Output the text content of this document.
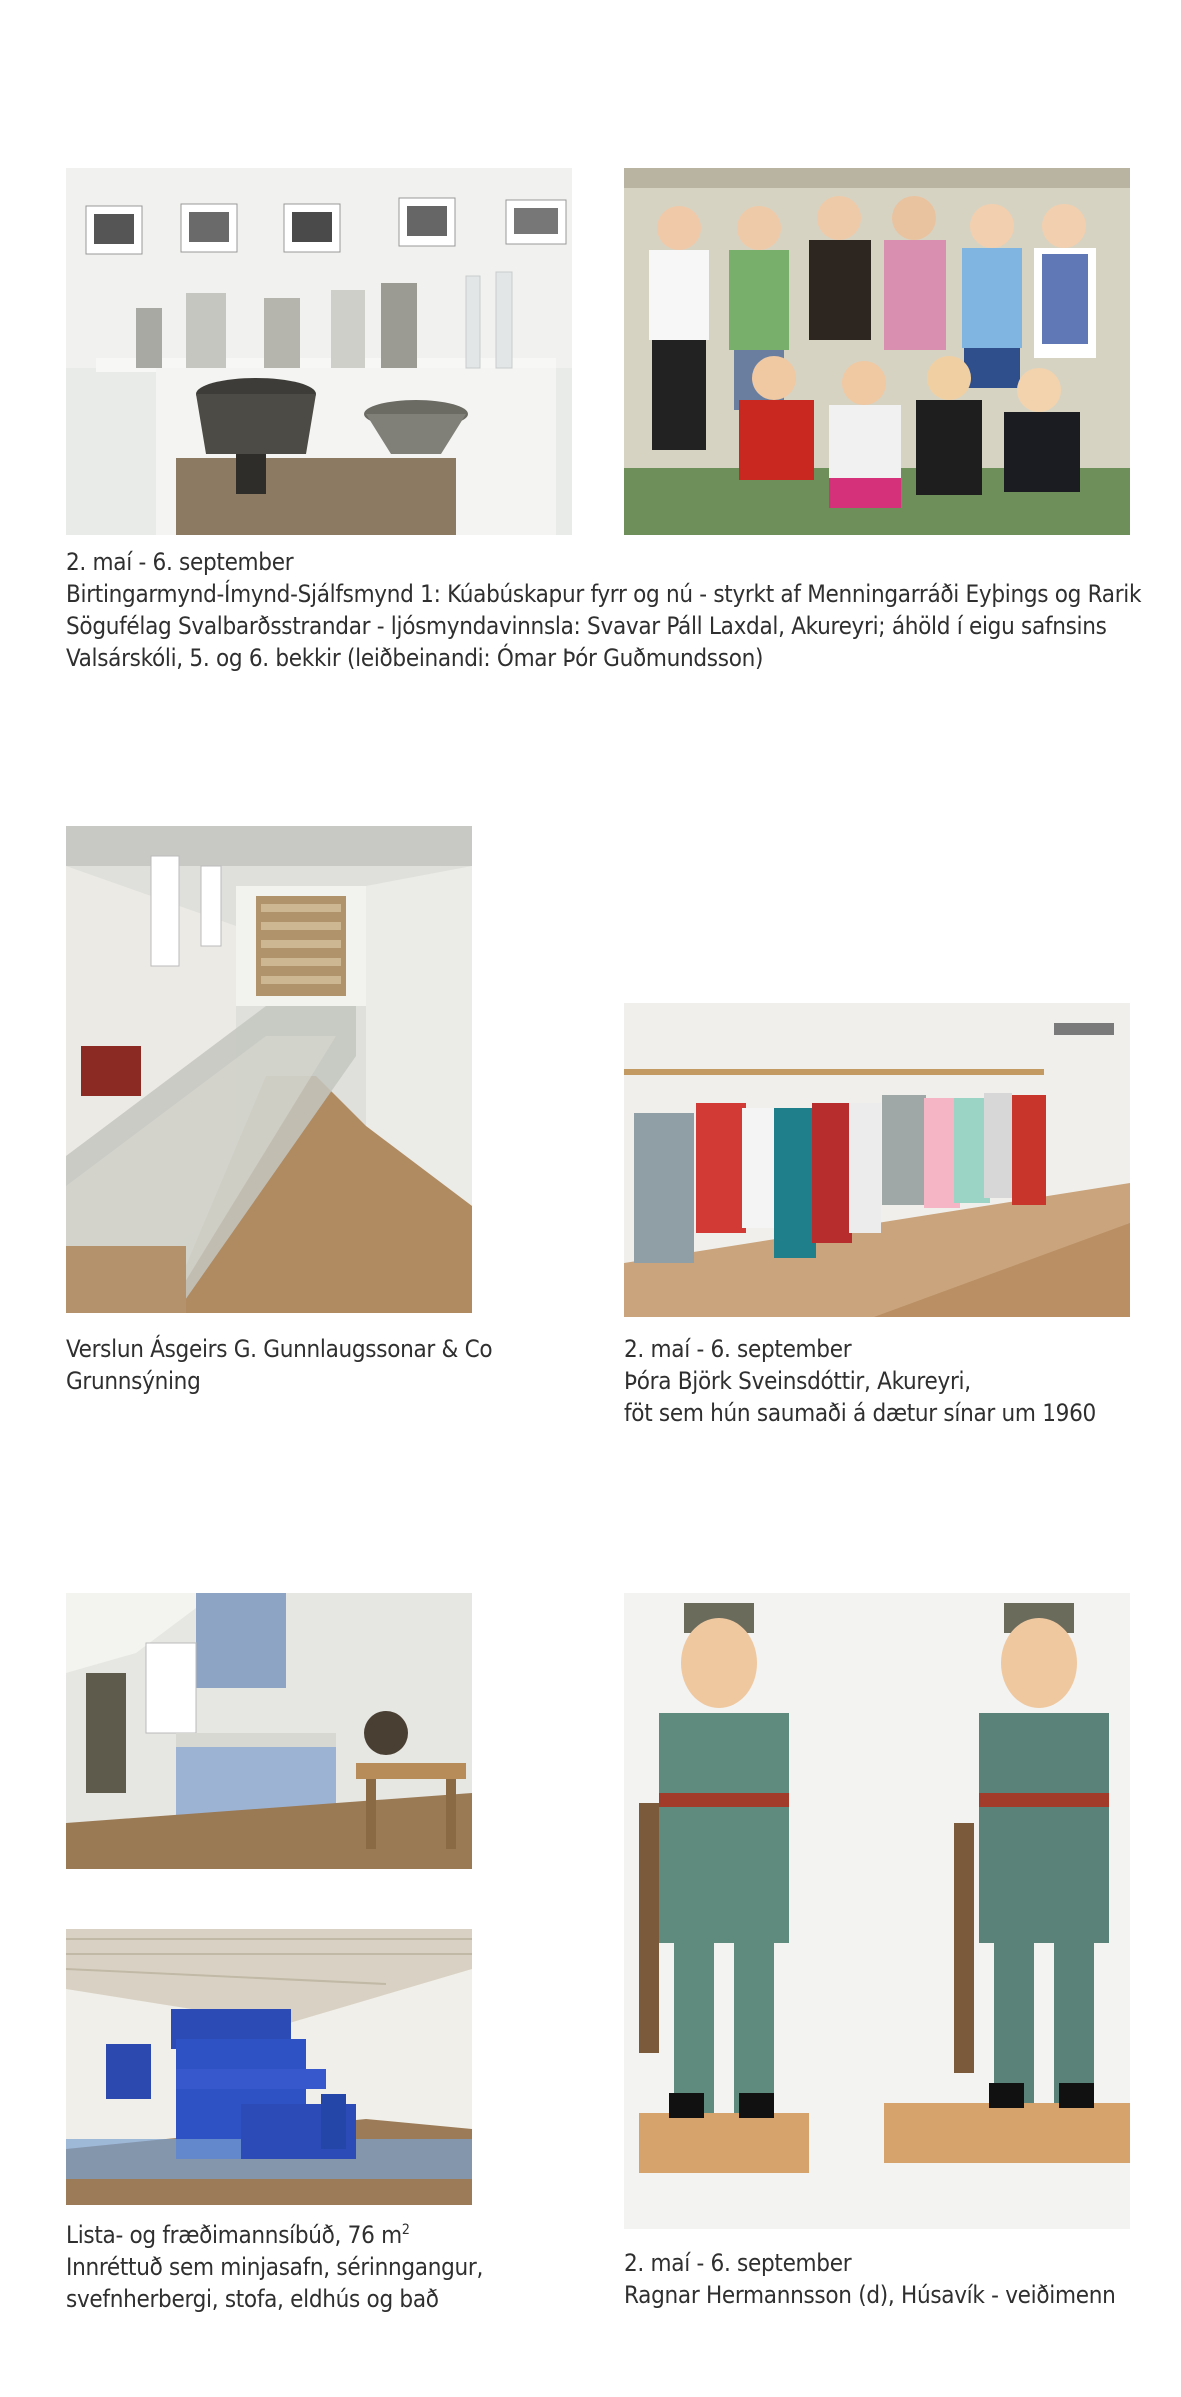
2. maí - 6. september
Birtingarmynd-Ímynd-Sjálfsmynd 1: Kúabúskapur fyrr og nú - styrkt af Menningarráði Eyþings og Rarik
Sögufélag Svalbarðsstrandar - ljósmyndavinnsla: Svavar Páll Laxdal, Akureyri; áhöld í eigu safnsins
Valsárskóli, 5. og 6. bekkir (leiðbeinandi: Ómar Þór Guðmundsson)
Verslun Ásgeirs G. Gunnlaugssonar & Co
Grunnsýning
2. maí - 6. september
Þóra Björk Sveinsdóttir, Akureyri,
föt sem hún saumaði á dætur sínar um 1960
Lista- og fræðimannsíbúð, 76 $m^2$
Innréttuð sem minjasafn, sérinngangur,
svefnherbergi, stofa, eldhús og bað
2. maí - 6. september
Ragnar Hermannsson (d), Húsavík - veiðimenn
